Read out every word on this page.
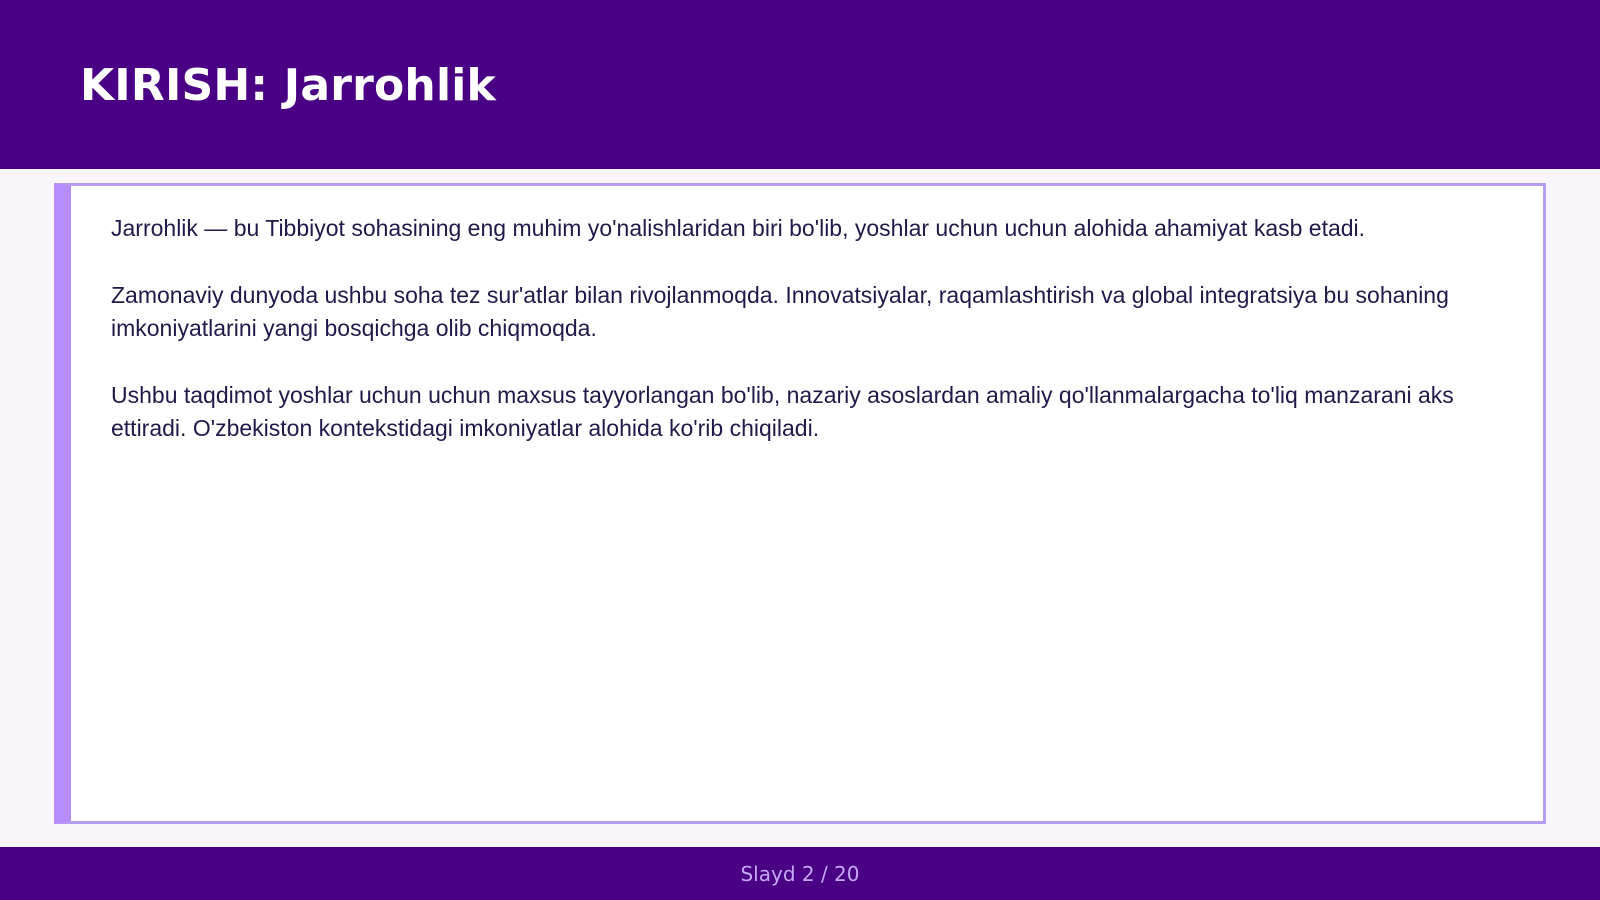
KIRISH: Jarrohlik

Jarrohlik — bu Tibbiyot sohasining eng muhim yo'nalishlaridan biri bo'lib, yoshlar uchun uchun alohida ahamiyat kasb etadi.

Zamonaviy dunyoda ushbu soha tez sur'atlar bilan rivojlanmoqda. Innovatsiyalar, raqamlashtirish va global integratsiya bu sohaning imkoniyatlarini yangi bosqichga olib chiqmoqda.

Ushbu taqdimot yoshlar uchun uchun maxsus tayyorlangan bo'lib, nazariy asoslardan amaliy qo'llanmalargacha to'liq manzarani aks ettiradi. O'zbekiston kontekstidagi imkoniyatlar alohida ko'rib chiqiladi.

Slayd 2 / 20
